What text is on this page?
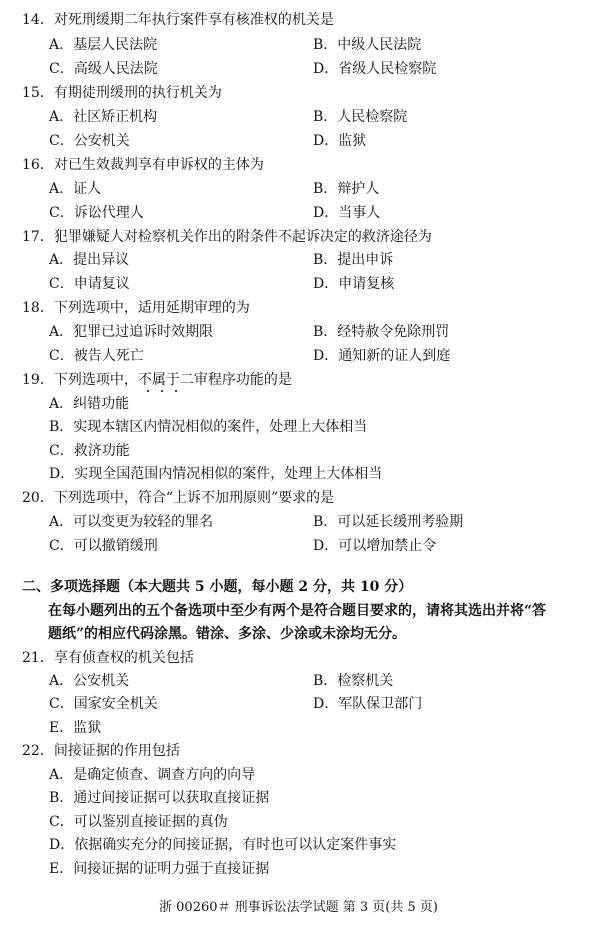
14．对死刑缓期二年执行案件享有核准权的机关是
A．基层人民法院	B．中级人民法院
C．高级人民法院	D．省级人民检察院
15．有期徒刑缓刑的执行机关为
A．社区矫正机构	B．人民检察院
C．公安机关	D．监狱
16．对已生效裁判享有申诉权的主体为
A．证人	B．辩护人
C．诉讼代理人	D．当事人
17．犯罪嫌疑人对检察机关作出的附条件不起诉决定的救济途径为
A．提出异议	B．提出申诉
C．申请复议	D．申请复核
18．下列选项中，适用延期审理的为
A．犯罪已过追诉时效期限	B．经特赦令免除刑罚
C．被告人死亡	D．通知新的证人到庭
19．下列选项中，不属于二审程序功能的是
A．纠错功能
B．实现本辖区内情况相似的案件，处理上大体相当
C．救济功能
D．实现全国范围内情况相似的案件，处理上大体相当
20．下列选项中，符合“上诉不加刑原则”要求的是
A．可以变更为较轻的罪名	B．可以延长缓刑考验期
C．可以撤销缓刑	D．可以增加禁止令
二、多项选择题（本大题共 5 小题，每小题 2 分，共 10 分）
在每小题列出的五个备选项中至少有两个是符合题目要求的，请将其选出并将“答
题纸”的相应代码涂黑。错涂、多涂、少涂或未涂均无分。
21．享有侦查权的机关包括
A．公安机关	B．检察机关
C．国家安全机关	D．军队保卫部门
E．监狱
22．间接证据的作用包括
A．是确定侦查、调查方向的向导
B．通过间接证据可以获取直接证据
C．可以鉴别直接证据的真伪
D．依据确实充分的间接证据，有时也可以认定案件事实
E．间接证据的证明力强于直接证据
浙 00260＃ 刑事诉讼法学试题 第 3 页(共 5 页)
